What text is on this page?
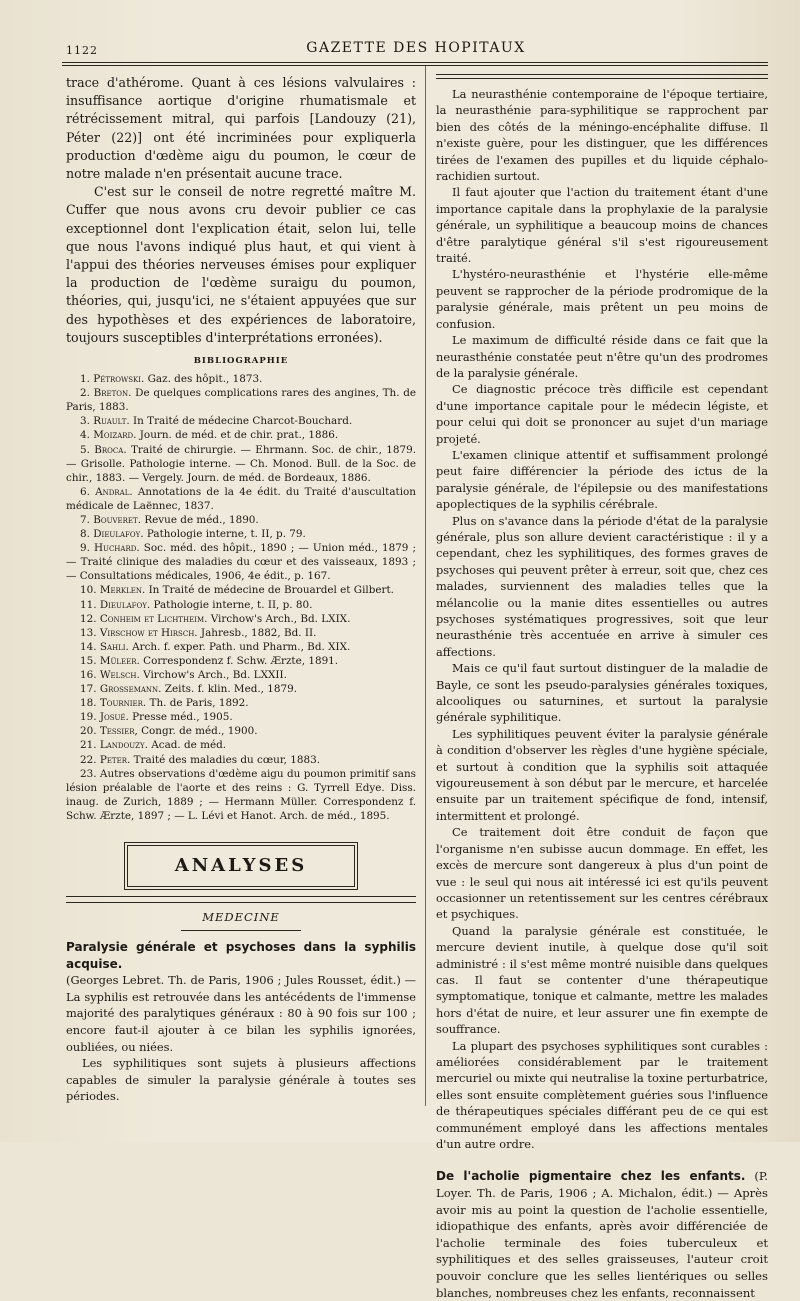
1122	GAZETTE DES HOPITAUX

trace d'athérome. Quant à ces lésions valvulaires : insuffisance aortique d'origine rhumatismale et rétrécissement mitral, qui parfois [Landouzy (21), Péter (22)] ont été incriminées pour expliquerla production d'œdème aigu du poumon, le cœur de notre malade n'en présentait aucune trace.

C'est sur le conseil de notre regretté maître M. Cuffer que nous avons cru devoir publier ce cas exceptionnel dont l'explication était, selon lui, telle que nous l'avons indiqué plus haut, et qui vient à l'appui des théories nerveuses émises pour expliquer la production de l'œdème suraigu du poumon, théories, qui, jusqu'ici, ne s'étaient appuyées que sur des hypothèses et des expériences de laboratoire, toujours susceptibles d'interprétations erronées).

BIBLIOGRAPHIE

1. Pétrowski. Gaz. des hôpit., 1873.

2. Breton. De quelques complications rares des angines, Th. de Paris, 1883.

3. Ruault. In Traité de médecine Charcot-Bouchard.

4. Moizard. Journ. de méd. et de chir. prat., 1886.

5. Broca. Traité de chirurgie. — Ehrmann. Soc. de chir., 1879. — Grisolle. Pathologie interne. — Ch. Monod. Bull. de la Soc. de chir., 1883. — Vergely. Journ. de méd. de Bordeaux, 1886.

6. Andral. Annotations de la 4e édit. du Traité d'auscultation médicale de Laënnec, 1837.

7. Bouveret. Revue de méd., 1890.

8. Dieulafoy. Pathologie interne, t. II, p. 79.

9. Huchard. Soc. méd. des hôpit., 1890 ; — Union méd., 1879 ; — Traité clinique des maladies du cœur et des vaisseaux, 1893 ; — Consultations médicales, 1906, 4e édit., p. 167.

10. Merklen. In Traité de médecine de Brouardel et Gilbert.

11. Dieulafoy. Pathologie interne, t. II, p. 80.

12. Conheim et Lichtheim. Virchow's Arch., Bd. LXIX.

13. Virschow et Hirsch. Jahresb., 1882, Bd. II.

14. Sahli. Arch. f. exper. Path. und Pharm., Bd. XIX.

15. Müleer. Correspondenz f. Schw. Ærzte, 1891.

16. Welsch. Virchow's Arch., Bd. LXXII.

17. Grossemann. Zeits. f. klin. Med., 1879.

18. Tournier. Th. de Paris, 1892.

19. Josué. Presse méd., 1905.

20. Tessier, Congr. de méd., 1900.

21. Landouzy. Acad. de méd.

22. Peter. Traité des maladies du cœur, 1883.

23. Autres observations d'œdème aigu du poumon primitif sans lésion préalable de l'aorte et des reins : G. Tyrrell Edye. Diss. inaug. de Zurich, 1889 ; — Hermann Müller. Correspondenz f. Schw. Ærzte, 1897 ; — L. Lévi et Hanot. Arch. de méd., 1895.

ANALYSES
MEDECINE

Paralysie générale et psychoses dans la syphilis acquise.

(Georges Lebret. Th. de Paris, 1906 ; Jules Rousset, édit.) — La syphilis est retrouvée dans les antécédents de l'immense majorité des paralytiques généraux : 80 à 90 fois sur 100 ; encore faut-il ajouter à ce bilan les syphilis ignorées, oubliées, ou niées.

Les syphilitiques sont sujets à plusieurs affections capables de simuler la paralysie générale à toutes ses périodes.

La neurasthénie contemporaine de l'époque tertiaire, la neurasthénie para-syphilitique se rapprochent par bien des côtés de la méningo-encéphalite diffuse. Il n'existe guère, pour les distinguer, que les différences tirées de l'examen des pupilles et du liquide céphalo-rachidien surtout.

Il faut ajouter que l'action du traitement étant d'une importance capitale dans la prophylaxie de la paralysie générale, un syphilitique a beaucoup moins de chances d'être paralytique général s'il s'est rigoureusement traité.

L'hystéro-neurasthénie et l'hystérie elle-même peuvent se rapprocher de la période prodromique de la paralysie générale, mais prêtent un peu moins de confusion.

Le maximum de difficulté réside dans ce fait que la neurasthénie constatée peut n'être qu'un des prodromes de la paralysie générale.

Ce diagnostic précoce très difficile est cependant d'une importance capitale pour le médecin légiste, et pour celui qui doit se prononcer au sujet d'un mariage projeté.

L'examen clinique attentif et suffisamment prolongé peut faire différencier la période des ictus de la paralysie générale, de l'épilepsie ou des manifestations apoplectiques de la syphilis cérébrale.

Plus on s'avance dans la période d'état de la paralysie générale, plus son allure devient caractéristique : il y a cependant, chez les syphilitiques, des formes graves de psychoses qui peuvent prêter à erreur, soit que, chez ces malades, surviennent des maladies telles que la mélancolie ou la manie dites essentielles ou autres psychoses systématiques progressives, soit que leur neurasthénie très accentuée en arrive à simuler ces affections.

Mais ce qu'il faut surtout distinguer de la maladie de Bayle, ce sont les pseudo-paralysies générales toxiques, alcooliques ou saturnines, et surtout la paralysie générale syphilitique.

Les syphilitiques peuvent éviter la paralysie générale à condition d'observer les règles d'une hygiène spéciale, et surtout à condition que la syphilis soit attaquée vigoureusement à son début par le mercure, et harcelée ensuite par un traitement spécifique de fond, intensif, intermittent et prolongé.

Ce traitement doit être conduit de façon que l'organisme n'en subisse aucun dommage. En effet, les excès de mercure sont dangereux à plus d'un point de vue : le seul qui nous ait intéressé ici est qu'ils peuvent occasionner un retentissement sur les centres cérébraux et psychiques.

Quand la paralysie générale est constituée, le mercure devient inutile, à quelque dose qu'il soit administré : il s'est même montré nuisible dans quelques cas. Il faut se contenter d'une thérapeutique symptomatique, tonique et calmante, mettre les malades hors d'état de nuire, et leur assurer une fin exempte de souffrance.

La plupart des psychoses syphilitiques sont curables : améliorées considérablement par le traitement mercuriel ou mixte qui neutralise la toxine perturbatrice, elles sont ensuite complètement guéries sous l'influence de thérapeutiques spéciales différant peu de ce qui est communément employé dans les affections mentales d'un autre ordre.

De l'acholie pigmentaire chez les enfants. (P. Loyer. Th. de Paris, 1906 ; A. Michalon, édit.) — Après avoir mis au point la question de l'acholie essentielle, idiopathique des enfants, après avoir différenciée de l'acholie terminale des foies tuberculeux et syphilitiques et des selles graisseuses, l'auteur croit pouvoir conclure que les selles lientériques ou selles blanches, nombreuses chez les enfants, reconnaissent
